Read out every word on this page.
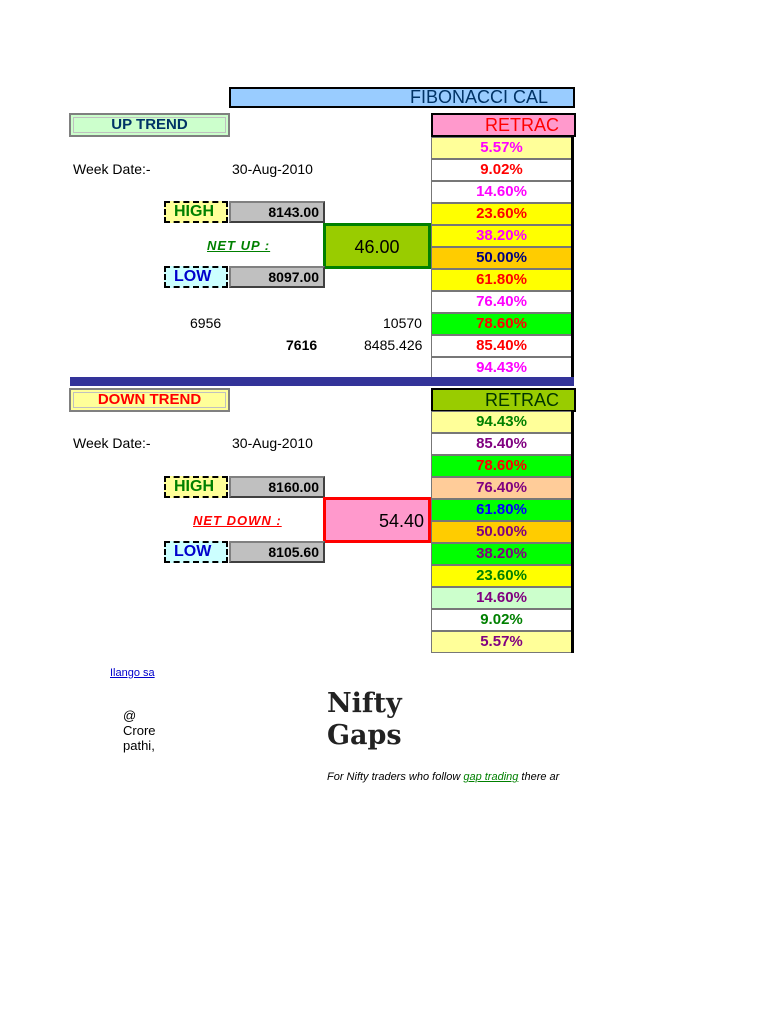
FIBONACCI CAL
UP TREND	RETRAC
Week Date:-	30-Aug-2010
HIGH	8143.00
NET UP :	46.00
LOW	8097.00
6956	10570
7616	8485.426
5.57%
9.02%
14.60%
23.60%
38.20%
50.00%
61.80%
76.40%
78.60%
85.40%
94.43%
DOWN TREND	RETRAC
Week Date:-	30-Aug-2010
HIGH	8160.00
NET DOWN :	54.40
LOW	8105.60
94.43%
85.40%
78.60%
76.40%
61.80%
50.00%
38.20%
23.60%
14.60%
9.02%
5.57%
Ilango sa
@
Crore
pathi,
Nifty
Gaps
For Nifty traders who follow gap trading there ar
